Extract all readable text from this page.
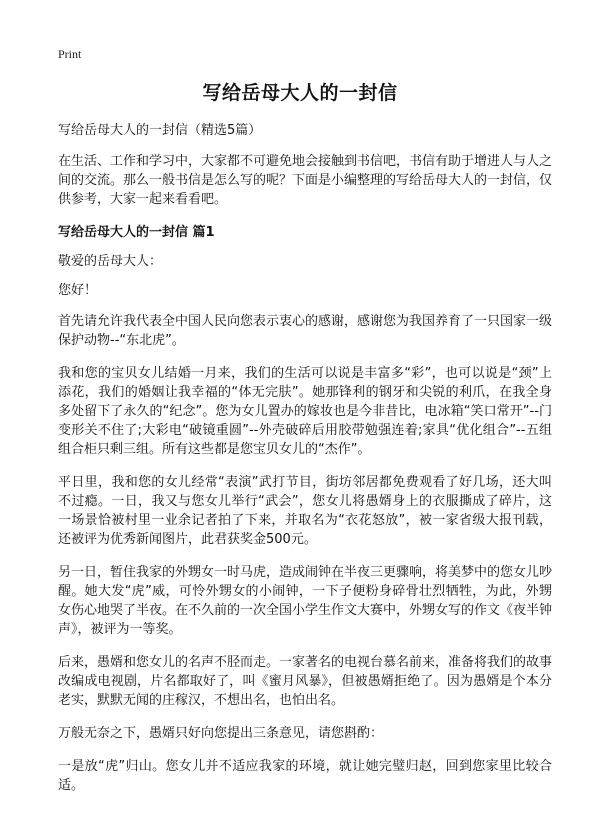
Print
写给岳母大人的一封信

写给岳母大人的一封信（精选5篇）

在生活、工作和学习中，大家都不可避免地会接触到书信吧，书信有助于增进人与人之间的交流。那么一般书信是怎么写的呢？下面是小编整理的写给岳母大人的一封信，仅供参考，大家一起来看看吧。

写给岳母大人的一封信 篇1

敬爱的岳母大人：

您好！

首先请允许我代表全中国人民向您表示衷心的感谢，感谢您为我国养育了一只国家一级保护动物--“东北虎”。

我和您的宝贝女儿结婚一月来，我们的生活可以说是丰富多“彩”，也可以说是“颈”上添花，我们的婚姻让我幸福的“体无完肤”。她那锋利的钢牙和尖锐的利爪，在我全身多处留下了永久的“纪念”。您为女儿置办的嫁妆也是今非昔比，电冰箱“笑口常开”--门变形关不住了;大彩电“破镜重圆”--外壳破碎后用胶带勉强连着;家具“优化组合”--五组组合柜只剩三组。所有这些都是您宝贝女儿的“杰作”。

平日里，我和您的女儿经常“表演”武打节目，街坊邻居都免费观看了好几场，还大叫不过瘾。一日，我又与您女儿举行“武会”，您女儿将愚婿身上的衣服撕成了碎片，这一场景恰被村里一业余记者拍了下来，并取名为“衣花怒放”，被一家省级大报刊载，还被评为优秀新闻图片，此君获奖金500元。

另一日，暂住我家的外甥女一时马虎，造成闹钟在半夜三更骤响，将美梦中的您女儿吵醒。她大发“虎”威，可怜外甥女的小闹钟，一下子便粉身碎骨壮烈牺牲，为此，外甥女伤心地哭了半夜。在不久前的一次全国小学生作文大赛中，外甥女写的作文《夜半钟声》，被评为一等奖。

后来，愚婿和您女儿的名声不胫而走。一家著名的电视台慕名前来，准备将我们的故事改编成电视剧，片名都取好了，叫《蜜月风暴》，但被愚婿拒绝了。因为愚婿是个本分老实，默默无闻的庄稼汉，不想出名，也怕出名。

万般无奈之下，愚婿只好向您提出三条意见，请您斟酌：

一是放“虎”归山。您女儿并不适应我家的环境，就让她完璧归赵，回到您家里比较合适。
